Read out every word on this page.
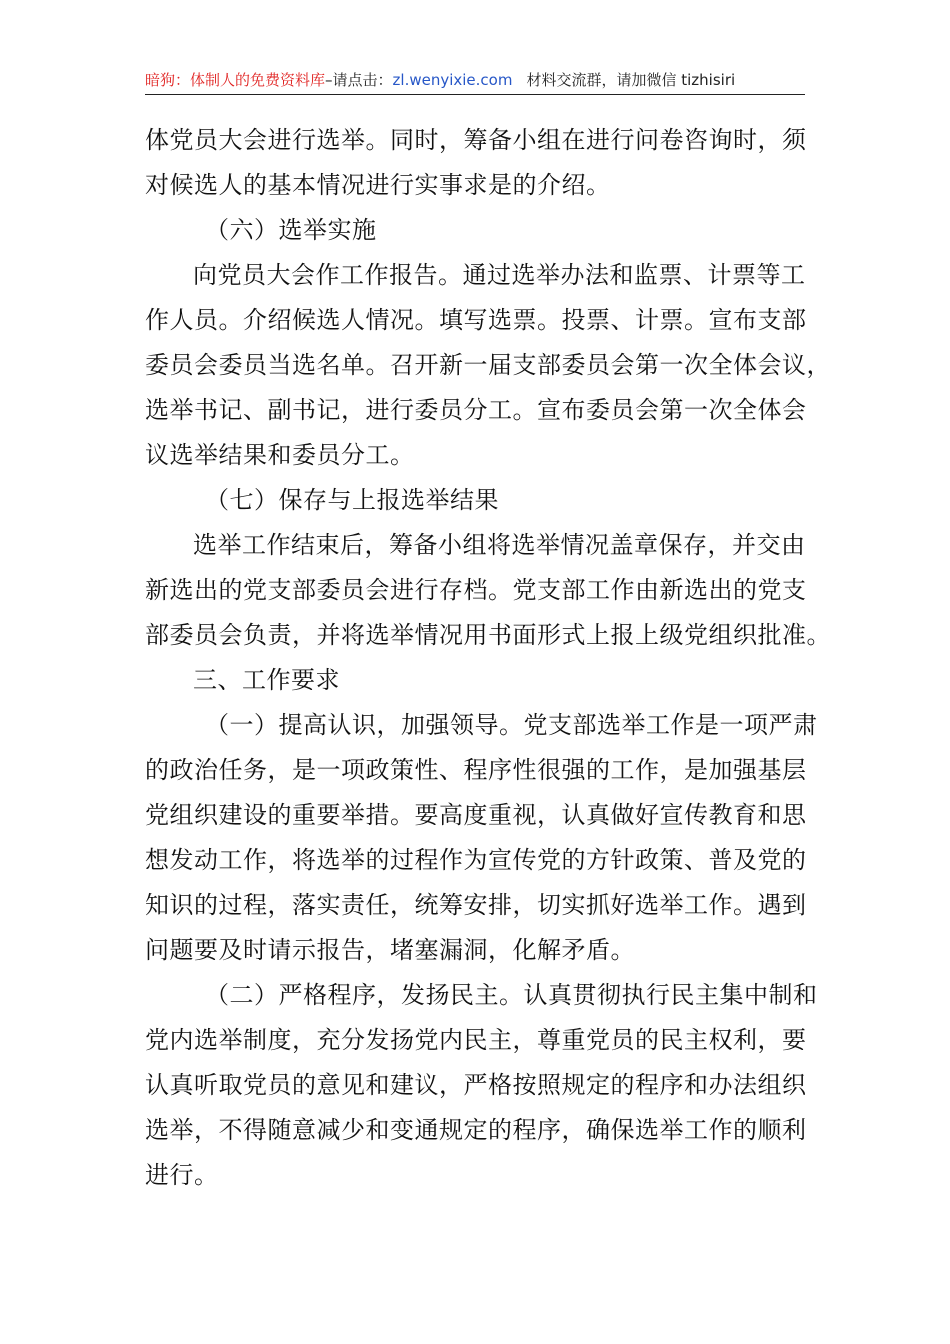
暗狗：体制人的免费资料库–请点击：zl.wenyixie.com 材料交流群，请加微信 tizhisiri

体党员大会进行选举。同时，筹备小组在进行问卷咨询时，须
对候选人的基本情况进行实事求是的介绍。

（六）选举实施

向党员大会作工作报告。通过选举办法和监票、计票等工
作人员。介绍候选人情况。填写选票。投票、计票。宣布支部
委员会委员当选名单。召开新一届支部委员会第一次全体会议，
选举书记、副书记，进行委员分工。宣布委员会第一次全体会
议选举结果和委员分工。

（七）保存与上报选举结果

选举工作结束后，筹备小组将选举情况盖章保存，并交由
新选出的党支部委员会进行存档。党支部工作由新选出的党支
部委员会负责，并将选举情况用书面形式上报上级党组织批准。

三、工作要求

（一）提高认识，加强领导。党支部选举工作是一项严肃
的政治任务，是一项政策性、程序性很强的工作，是加强基层
党组织建设的重要举措。要高度重视，认真做好宣传教育和思
想发动工作，将选举的过程作为宣传党的方针政策、普及党的
知识的过程，落实责任，统筹安排，切实抓好选举工作。遇到
问题要及时请示报告，堵塞漏洞，化解矛盾。

（二）严格程序，发扬民主。认真贯彻执行民主集中制和
党内选举制度，充分发扬党内民主，尊重党员的民主权利，要
认真听取党员的意见和建议，严格按照规定的程序和办法组织
选举，不得随意减少和变通规定的程序，确保选举工作的顺利
进行。
